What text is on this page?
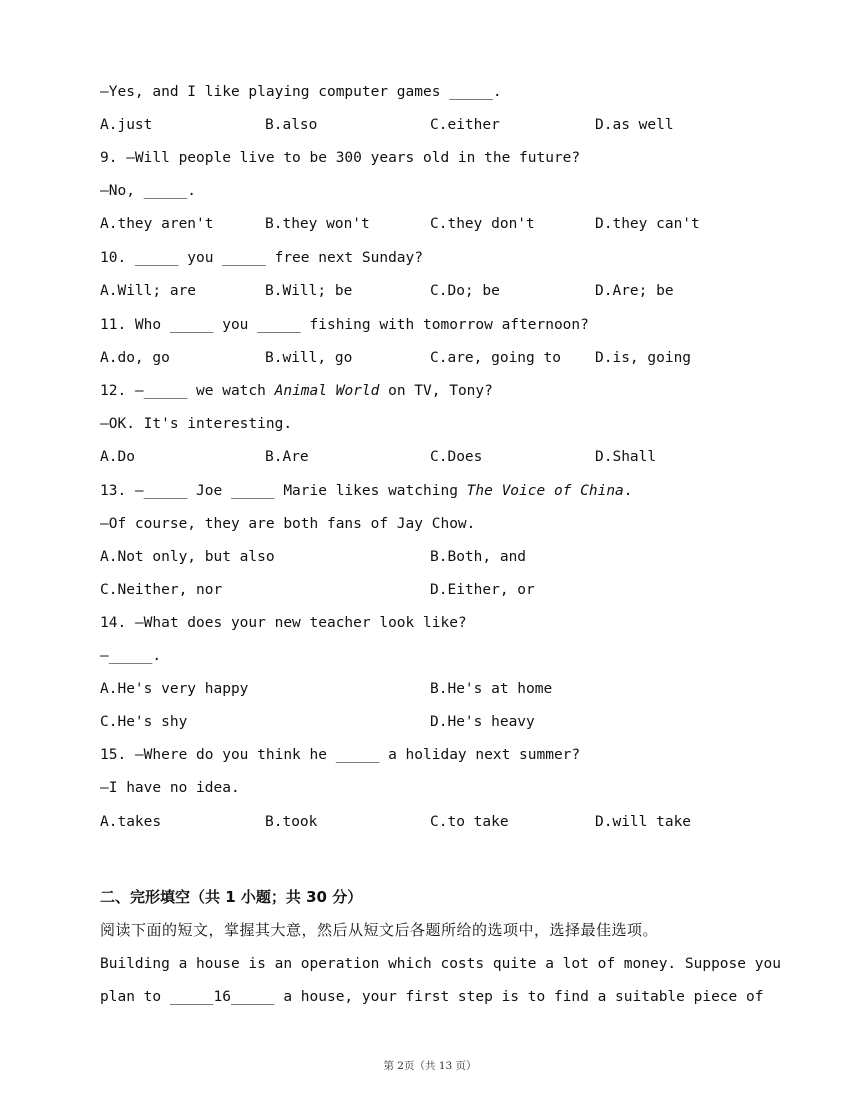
—Yes, and I like playing computer games _____.
A.just	B.also	C.either	D.as well
9. —Will people live to be 300 years old in the future?
—No, _____.
A.they aren't	B.they won't	C.they don't	D.they can't
10. _____ you _____ free next Sunday?
A.Will; are	B.Will; be	C.Do; be	D.Are; be
11. Who _____ you _____ fishing with tomorrow afternoon?
A.do, go	B.will, go	C.are, going to D.is, going
12. —_____ we watch Animal World on TV, Tony?
—OK. It's interesting.
A.Do	B.Are	C.Does	D.Shall
13. —_____ Joe _____ Marie likes watching The Voice of China.
—Of course, they are both fans of Jay Chow.
A.Not only, but also	B.Both, and
C.Neither, nor	D.Either, or
14. —What does your new teacher look like?
—_____.
A.He's very happy	B.He's at home
C.He's shy	D.He's heavy
15. —Where do you think he _____ a holiday next summer?
—I have no idea.
A.takes	B.took	C.to take	D.will take
二、完形填空（共 1 小题；共 30 分）
阅读下面的短文，掌握其大意，然后从短文后各题所给的选项中，选择最佳选项。
Building a house is an operation which costs quite a lot of money. Suppose you
plan to _____16_____ a house, your first step is to find a suitable piece of
第 2页（共 13 页）
